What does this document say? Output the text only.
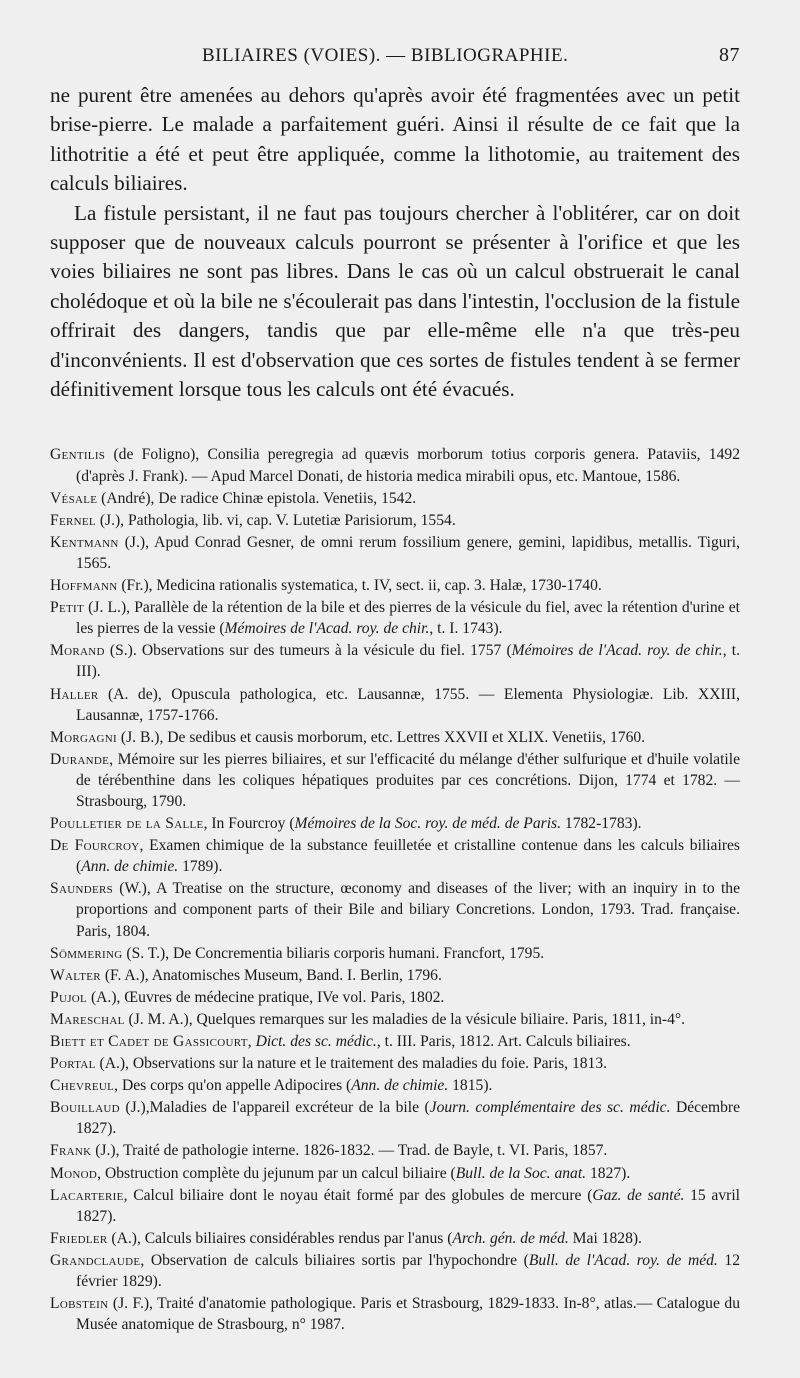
BILIAIRES (VOIES). — BIBLIOGRAPHIE.	87

ne purent être amenées au dehors qu'après avoir été fragmentées avec un petit brise-pierre. Le malade a parfaitement guéri. Ainsi il résulte de ce fait que la lithotritie a été et peut être appliquée, comme la lithotomie, au traitement des calculs biliaires.

La fistule persistant, il ne faut pas toujours chercher à l'oblitérer, car on doit supposer que de nouveaux calculs pourront se présenter à l'orifice et que les voies biliaires ne sont pas libres. Dans le cas où un calcul obstruerait le canal cholédoque et où la bile ne s'écoulerait pas dans l'intestin, l'occlusion de la fistule offrirait des dangers, tandis que par elle-même elle n'a que très-peu d'inconvénients. Il est d'observation que ces sortes de fistules tendent à se fermer définitivement lorsque tous les calculs ont été évacués.

Gentilis (de Foligno), Consilia peregregia ad quævis morborum totius corporis genera. Pataviis, 1492 (d'après J. Frank). — Apud Marcel Donati, de historia medica mirabili opus, etc. Mantoue, 1586.

Vésale (André), De radice Chinæ epistola. Venetiis, 1542.

Fernel (J.), Pathologia, lib. vi, cap. V. Lutetiæ Parisiorum, 1554.

Kentmann (J.), Apud Conrad Gesner, de omni rerum fossilium genere, gemini, lapidibus, metallis. Tiguri, 1565.

Hoffmann (Fr.), Medicina rationalis systematica, t. IV, sect. ii, cap. 3. Halæ, 1730-1740.

Petit (J. L.), Parallèle de la rétention de la bile et des pierres de la vésicule du fiel, avec la rétention d'urine et les pierres de la vessie (Mémoires de l'Acad. roy. de chir., t. I. 1743).

Morand (S.). Observations sur des tumeurs à la vésicule du fiel. 1757 (Mémoires de l'Acad. roy. de chir., t. III).

Haller (A. de), Opuscula pathologica, etc. Lausannæ, 1755. — Elementa Physiologiæ. Lib. XXIII, Lausannæ, 1757-1766.

Morgagni (J. B.), De sedibus et causis morborum, etc. Lettres XXVII et XLIX. Venetiis, 1760.

Durande, Mémoire sur les pierres biliaires, et sur l'efficacité du mélange d'éther sulfurique et d'huile volatile de térébenthine dans les coliques hépatiques produites par ces concrétions. Dijon, 1774 et 1782. — Strasbourg, 1790.

Poulletier de la Salle, In Fourcroy (Mémoires de la Soc. roy. de méd. de Paris. 1782-1783).

De Fourcroy, Examen chimique de la substance feuilletée et cristalline contenue dans les calculs biliaires (Ann. de chimie. 1789).

Saunders (W.), A Treatise on the structure, œconomy and diseases of the liver; with an inquiry in to the proportions and component parts of their Bile and biliary Concretions. London, 1793. Trad. française. Paris, 1804.

Sömmering (S. T.), De Concrementia biliaris corporis humani. Francfort, 1795.

Walter (F. A.), Anatomisches Museum, Band. I. Berlin, 1796.

Pujol (A.), Œuvres de médecine pratique, IVe vol. Paris, 1802.

Mareschal (J. M. A.), Quelques remarques sur les maladies de la vésicule biliaire. Paris, 1811, in-4°.

Biett et Cadet de Gassicourt, Dict. des sc. médic., t. III. Paris, 1812. Art. Calculs biliaires.

Portal (A.), Observations sur la nature et le traitement des maladies du foie. Paris, 1813.

Chevreul, Des corps qu'on appelle Adipocires (Ann. de chimie. 1815).

Bouillaud (J.),Maladies de l'appareil excréteur de la bile (Journ. complémentaire des sc. médic. Décembre 1827).

Frank (J.), Traité de pathologie interne. 1826-1832. — Trad. de Bayle, t. VI. Paris, 1857.

Monod, Obstruction complète du jejunum par un calcul biliaire (Bull. de la Soc. anat. 1827).

Lacarterie, Calcul biliaire dont le noyau était formé par des globules de mercure (Gaz. de santé. 15 avril 1827).

Friedler (A.), Calculs biliaires considérables rendus par l'anus (Arch. gén. de méd. Mai 1828).

Grandclaude, Observation de calculs biliaires sortis par l'hypochondre (Bull. de l'Acad. roy. de méd. 12 février 1829).

Lobstein (J. F.), Traité d'anatomie pathologique. Paris et Strasbourg, 1829-1833. In-8°, atlas.— Catalogue du Musée anatomique de Strasbourg, n° 1987.
